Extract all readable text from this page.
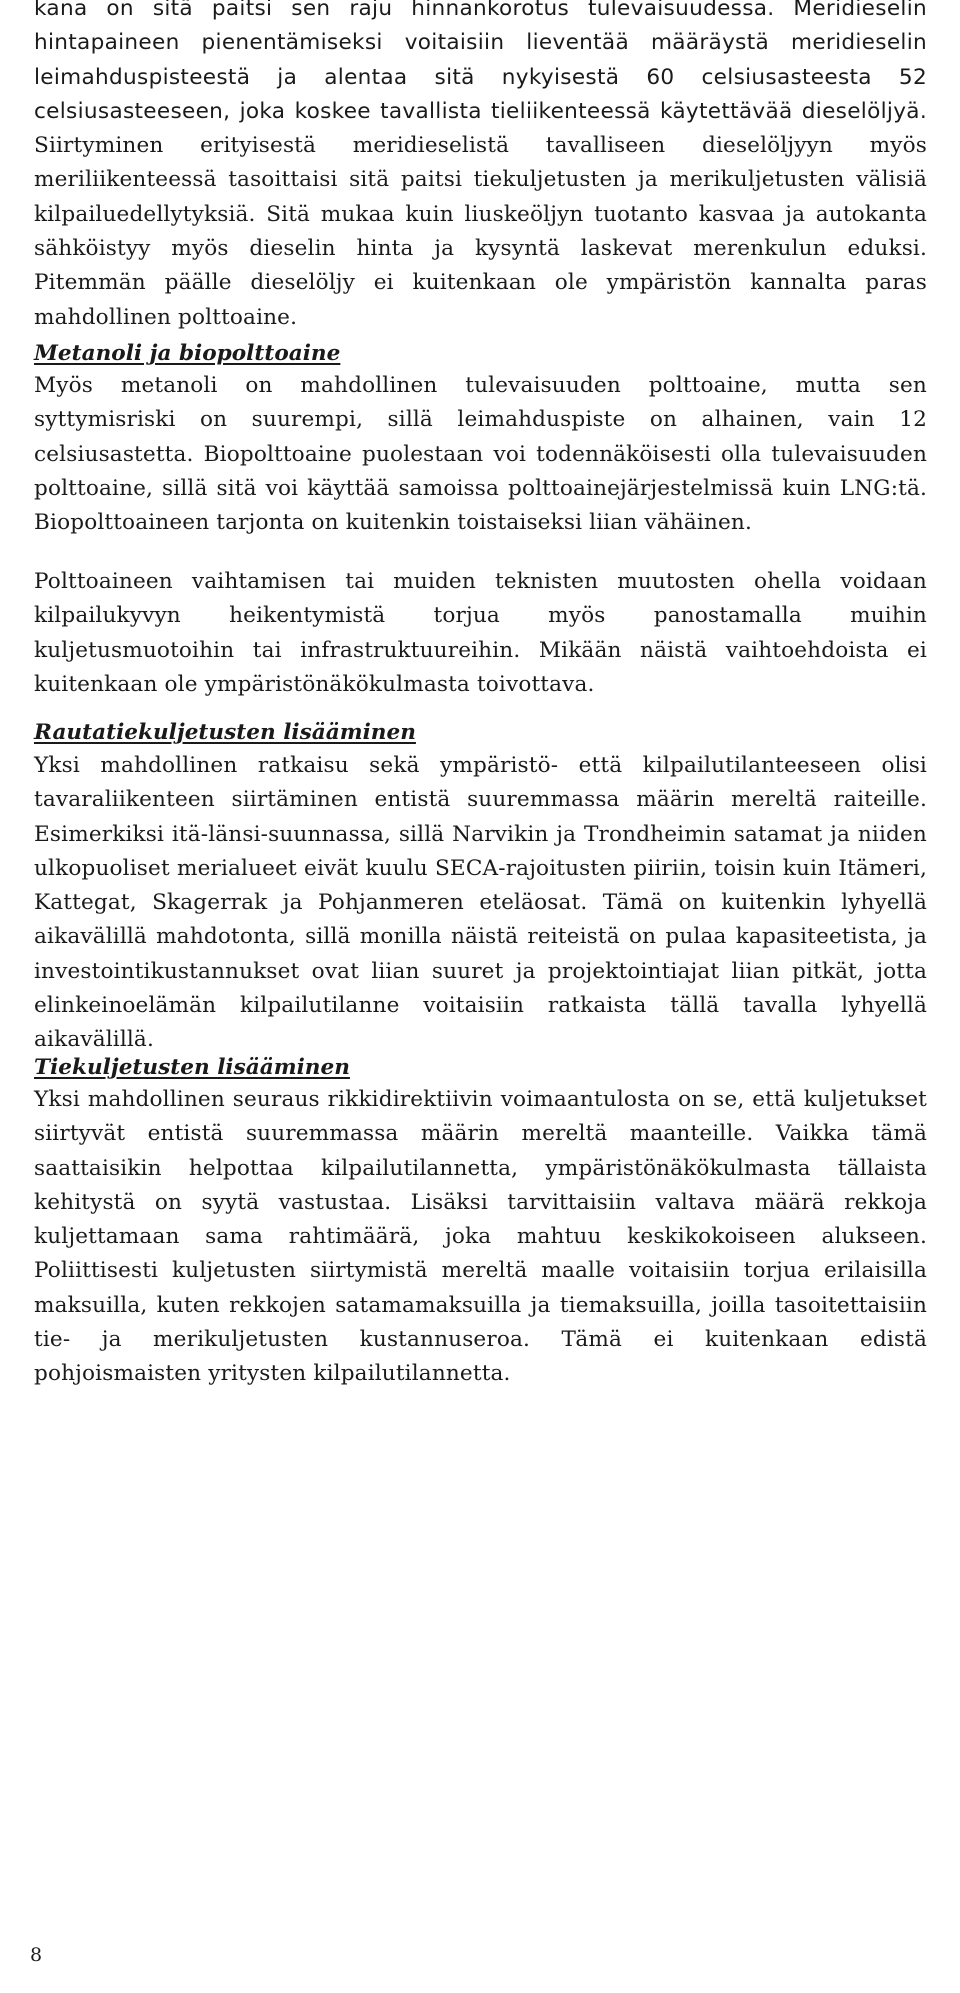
kana on sitä paitsi sen raju hinnankorotus tulevaisuudessa. Meridieselin hintapaineen pienentämiseksi voitaisiin lieventää määräystä meridieselin leimahduspisteestä ja alentaa sitä nykyisestä 60 celsiusasteesta 52 celsiusasteeseen, joka koskee tavallista tieliikenteessä käytettävää dieselöljyä. Siirtyminen erityisestä meridieselistä tavalliseen dieselöljyyn myös meriliikenteessä tasoittaisi sitä paitsi tiekuljetusten ja merikuljetusten välisiä kilpailuedellytyksiä. Sitä mukaa kuin liuskeöljyn tuotanto kasvaa ja autokanta sähköistyy myös dieselin hinta ja kysyntä laskevat merenkulun eduksi. Pitemmän päälle dieselöljy ei kuitenkaan ole ympäristön kannalta paras mahdollinen polttoaine.

Metanoli ja biopolttoaine

Myös metanoli on mahdollinen tulevaisuuden polttoaine, mutta sen syttymisriski on suurempi, sillä leimahduspiste on alhainen, vain 12 celsiusastetta. Biopolttoaine puolestaan voi todennäköisesti olla tulevaisuuden polttoaine, sillä sitä voi käyttää samoissa polttoainejärjestelmissä kuin LNG:tä. Biopolttoaineen tarjonta on kuitenkin toistaiseksi liian vähäinen.

Polttoaineen vaihtamisen tai muiden teknisten muutosten ohella voidaan kilpailukyvyn heikentymistä torjua myös panostamalla muihin kuljetusmuotoihin tai infrastruktuureihin. Mikään näistä vaihtoehdoista ei kuitenkaan ole ympäristönäkökulmasta toivottava.

Rautatiekuljetusten lisääminen

Yksi mahdollinen ratkaisu sekä ympäristö- että kilpailutilanteeseen olisi tavaraliikenteen siirtäminen entistä suuremmassa määrin mereltä raiteille. Esimerkiksi itä-länsi-suunnassa, sillä Narvikin ja Trondheimin satamat ja niiden ulkopuoliset merialueet eivät kuulu SECA-rajoitusten piiriin, toisin kuin Itämeri, Kattegat, Skagerrak ja Pohjanmeren eteläosat. Tämä on kuitenkin lyhyellä aikavälillä mahdotonta, sillä monilla näistä reiteistä on pulaa kapasiteetista, ja investointikustannukset ovat liian suuret ja projektointiajat liian pitkät, jotta elinkeinoelämän kilpailutilanne voitaisiin ratkaista tällä tavalla lyhyellä aikavälillä.

Tiekuljetusten lisääminen

Yksi mahdollinen seuraus rikkidirektiivin voimaantulosta on se, että kuljetukset siirtyvät entistä suuremmassa määrin mereltä maanteille. Vaikka tämä saattaisikin helpottaa kilpailutilannetta, ympäristönäkökulmasta tällaista kehitystä on syytä vastustaa. Lisäksi tarvittaisiin valtava määrä rekkoja kuljettamaan sama rahtimäärä, joka mahtuu keskikokoiseen alukseen. Poliittisesti kuljetusten siirtymistä mereltä maalle voitaisiin torjua erilaisilla maksuilla, kuten rekkojen satamamaksuilla ja tiemaksuilla, joilla tasoitettaisiin tie- ja merikuljetusten kustannuseroa. Tämä ei kuitenkaan edistä pohjoismaisten yritysten kilpailutilannetta.

8
